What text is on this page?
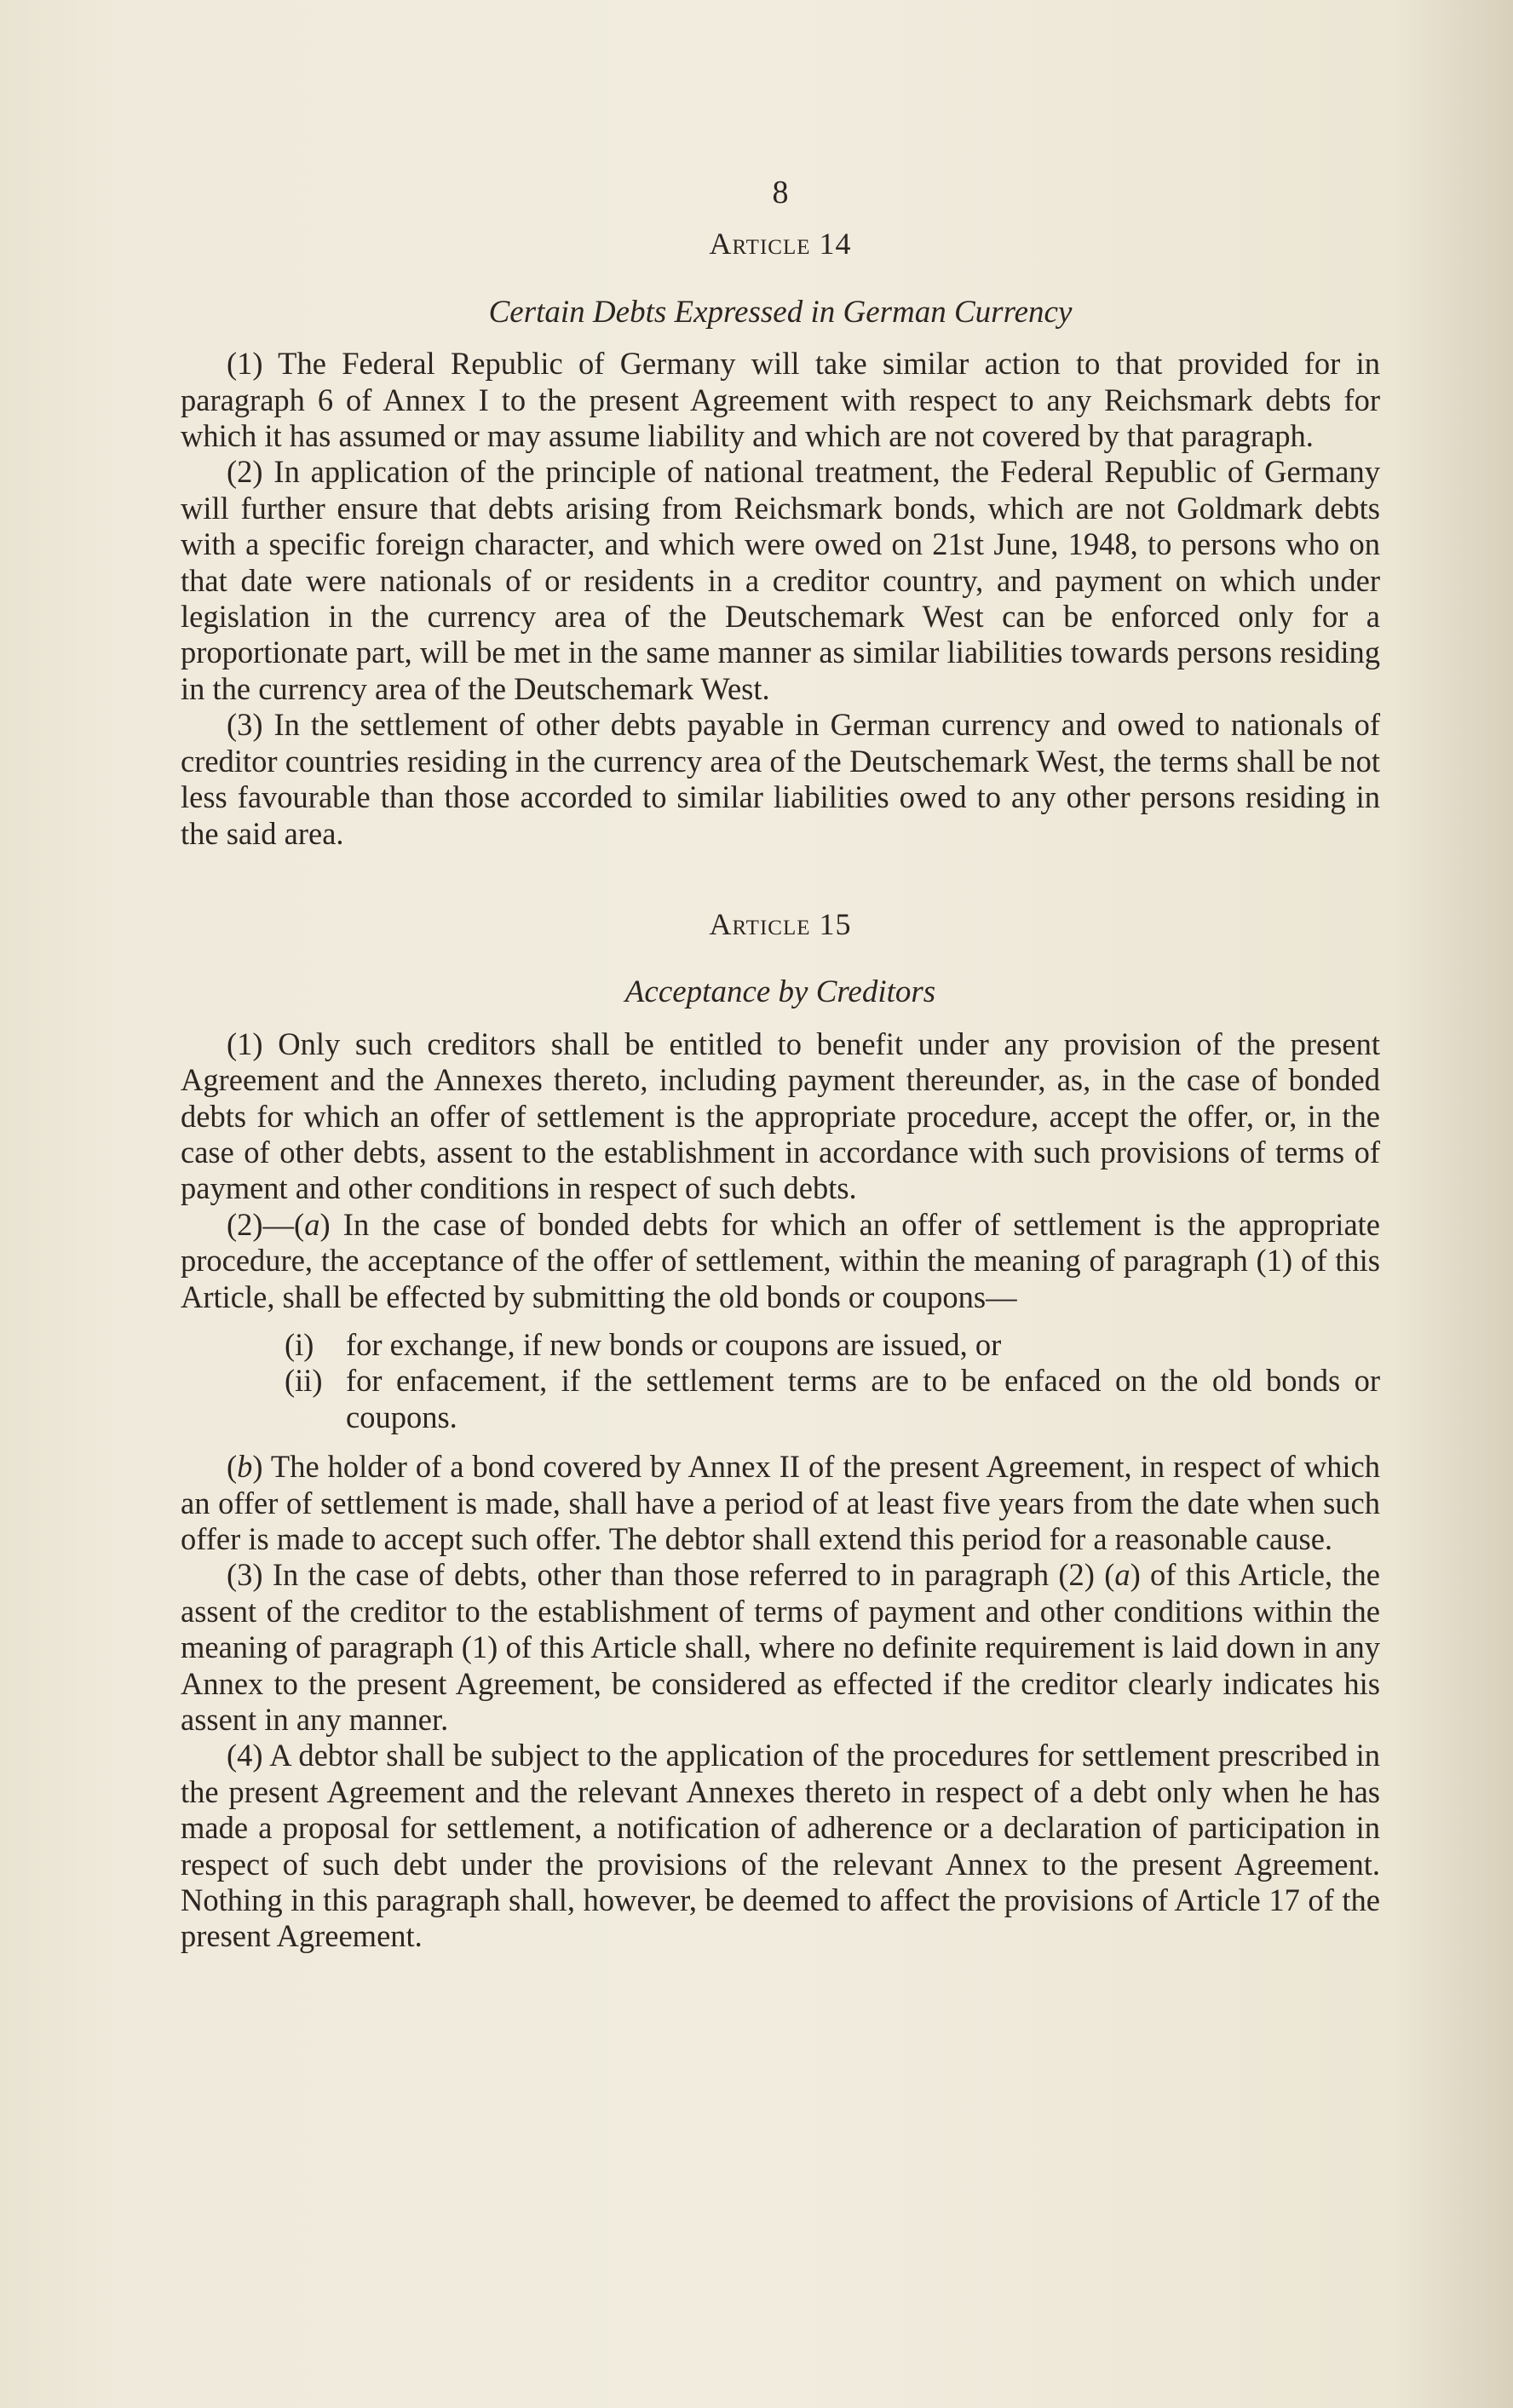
8
Article 14
Certain Debts Expressed in German Currency

(1) The Federal Republic of Germany will take similar action to that provided for in paragraph 6 of Annex I to the present Agreement with respect to any Reichsmark debts for which it has assumed or may assume liability and which are not covered by that paragraph.

(2) In application of the principle of national treatment, the Federal Republic of Germany will further ensure that debts arising from Reichsmark bonds, which are not Goldmark debts with a specific foreign character, and which were owed on 21st June, 1948, to persons who on that date were nationals of or residents in a creditor country, and payment on which under legislation in the currency area of the Deutschemark West can be enforced only for a proportionate part, will be met in the same manner as similar liabilities towards persons residing in the currency area of the Deutschemark West.

(3) In the settlement of other debts payable in German currency and owed to nationals of creditor countries residing in the currency area of the Deutschemark West, the terms shall be not less favourable than those accorded to similar liabilities owed to any other persons residing in the said area.

Article 15
Acceptance by Creditors

(1) Only such creditors shall be entitled to benefit under any provision of the present Agreement and the Annexes thereto, including payment thereunder, as, in the case of bonded debts for which an offer of settlement is the appropriate procedure, accept the offer, or, in the case of other debts, assent to the establishment in accordance with such provisions of terms of payment and other conditions in respect of such debts.

(2)—(a) In the case of bonded debts for which an offer of settlement is the appropriate procedure, the acceptance of the offer of settlement, within the meaning of paragraph (1) of this Article, shall be effected by submitting the old bonds or coupons—

(i)	for exchange, if new bonds or coupons are issued, or
(ii) for enfacement, if the settlement terms are to be enfaced on the old bonds or coupons.

(b) The holder of a bond covered by Annex II of the present Agreement, in respect of which an offer of settlement is made, shall have a period of at least five years from the date when such offer is made to accept such offer. The debtor shall extend this period for a reasonable cause.

(3) In the case of debts, other than those referred to in paragraph (2) (a) of this Article, the assent of the creditor to the establishment of terms of payment and other conditions within the meaning of paragraph (1) of this Article shall, where no definite requirement is laid down in any Annex to the present Agreement, be considered as effected if the creditor clearly indicates his assent in any manner.

(4) A debtor shall be subject to the application of the procedures for settlement prescribed in the present Agreement and the relevant Annexes thereto in respect of a debt only when he has made a proposal for settlement, a notification of adherence or a declaration of participation in respect of such debt under the provisions of the relevant Annex to the present Agreement. Nothing in this paragraph shall, however, be deemed to affect the provisions of Article 17 of the present Agreement.
